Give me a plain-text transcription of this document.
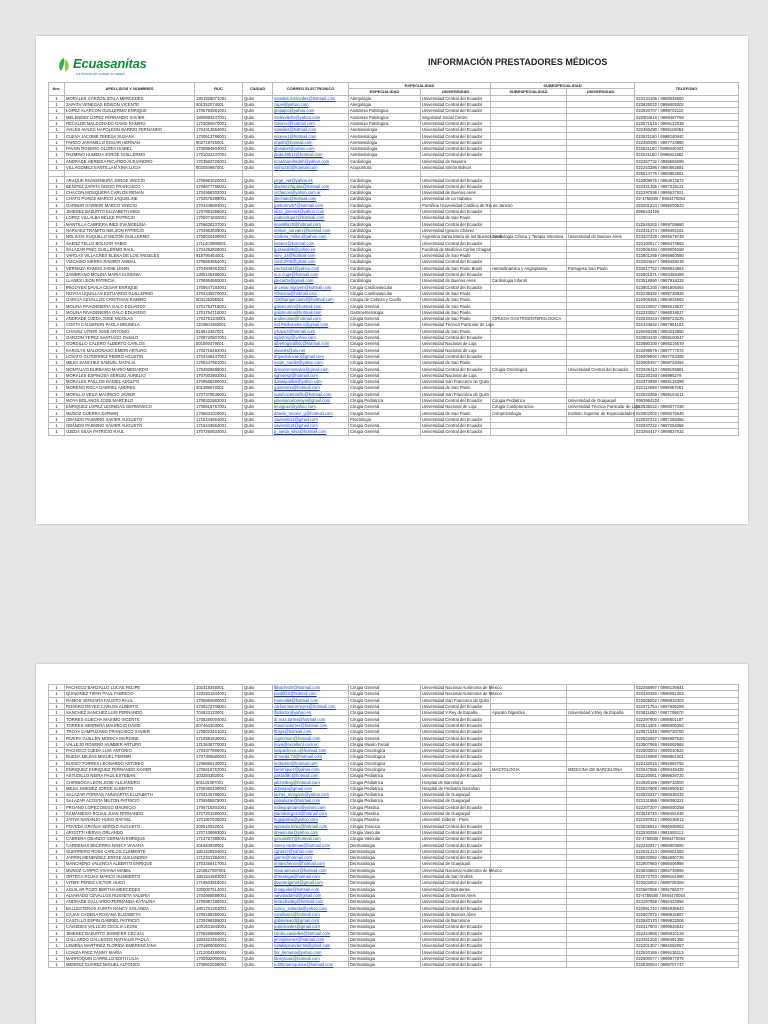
Ecuasanitas
La forma de cuidar tu salud
INFORMACIÓN PRESTADORES MÉDICOS
Nro.	APELLIDOS Y NOMBRES	RUC	CIUDAD	CORREO ELECTRONICO	ESPECIALIDAD		SUBESPECIALIDAD		TELEFONO
					ESPECIALIDAD	UNIVERSIDAD	SUBESPECIALIDAD	UNIVERSIDAD	
1	MORALES GARZON ZOILA MERCEDES	1801528071001	Quito	morales.mercedes@hotmail.com	Alergologia	Universidad Central del Ecuador			022234106 / 0988045560
1	ZAPATA VENEGAS EDISON VICENTE	501352074001	Quito	zapvi@yahoo.com	Alergologia	Universidad Central del Ecuador			023825022 / 0998405302
1	LOPEZ ALARCON GUILLERMO ENRIQUE	1706794581001	Quito	glopalco@yahoo.com	Anatomia Patologica	Universidad Central del Ecuador			022920707 / 0998702110
1	MELENDEZ LOPEZ FERNANDO XAVIER	1800983247001	Quito	melendezlo@yahoo.com	Anatomia Patologica	Seguridad Social Centro			022904619 / 0999497769
1	RECALDE MALDONADO DAVID RAMIRO	1703050670001	Quito	ramirec@hotmail.com	Anatomia Patologica	Universidad Central del Ecuador			022571618 / 0998122039
1	AVILES AVILES NAPOLEON BARRIO FERNANDO	1704313664001	Quito	naaviles@hotmail.com	Anestesiologia	Universidad Central del Ecuador			022460490 / 0996118053
1	CUEVA JACOME TERESA SUSANA	1700513786001	Quito	scueva1@hotmail.com	Anestesiologia	Universidad Central del Ecuador			022521160 / 0998040840
1	PARDO JARAMILLO EDGAR HERNAN	902718725001	Quito	ehp20@hotmail.com	Anestesiologia	Universidad Central del Ecuador			022460490 / 0997734880
1	PAVON ROSERO GLORIA ISABEL	1700854904001	Quito	gloriabel@yahoo.com	Anestesiologia	Universidad Central del Ecuador			022521160 / 0998840403
1	PAZMINO HUMEDA JORGE GUILLERMO	1701032237001	Quito	jhake19512@hotmail.com	Anestesiologia	Universidad Central del Ecuador			022521160 / 0998821882
1	ANDRADE HEREDIA RICARDO ALEJANDRO	1703963726001	Quito	ricardoandradeh@yahoo.com	Cardiologia	Universidad de Navarra			022257732 / 0999568289
1	VILLAGOMEZ SANTILLAN XINA LUCIA	602084987001	Quito	sinhuz20@hotmail.com	Acupuntura	Universidad Simón Bolivar			022243386 / 0980862581
									026514775 / 0980862581
1	ARAQUE RIVADENEIRA JORGE VINICIO	1708981020001	Quito	jorge_var@yahoo.es	Cardiologia	Universidad Central del Ecuador			022908976 / 0984013572
1	BENITEZ ZAPATA DIEGO FRANCISCO	1706677795001	Quito	dbenitezzapata@hotmail.com	Cardiologia	Universidad Central del Ecuador			022431366 / 0997326121
1	CHACON MOSQUERA CARLOS RENAN	1704958302001	Quito	crchacon@yahoo.com.ar	Cardiologia	Universidad de Buenos Aires			022297936 / 0995537921
1	CHATO PONCE MARCO JAQUELINE	1702575398001	Quito	jlmchato@hotmail.com	Cardiologia	Universidad de La Habana			02-4760500 / 0984470054
1	GARBOR GARBOR MARCO VINICIO	1704448893001	Quito	garbormv57@hotmail.com	Cardiologia	Pontificia Universidad Católica de Rio de Janeiro			023201224 / 0999200523
1	JIMENEZ BAZURTO ELIZABETH INES	1707881056001	Quito	eliza_jimenez@yahoo.com	Cardiologia	Universidad Central del Ecuador			0998434166
1	LOPEZ VILLALBA BELKE PATRICIO	1705071932001	Quito	patriciolopez@hotmail.com	Cardiologia	Universidad de Sao Paulo			
1	MANTILLA CABRERA INES EVANGELINA	1706628237001	Quito	imantilla20@hotmail.com	Cardiologia	Universidad Central del Ecuador			022545262 / 0999709680
1	NARVAEZ TRAMITO NELSON PATRICIO	1703962609001	Quito	nelson_narvaez@hotmail.com	Cardiologia	Universidad Ignacio Chávez			022341474 / 0999492181
1	NOLIVOS SUQUILLO MILTON GUILLERMO	1708020499001	Quito	molivos_milton@yahoo.com	Cardiologia	Argentina Santa María de los Buenos Aires	Cardiología Clínica y Terapia Intensiva	Universidad de Buenos Aires	023337428 / 0995579749
1	SAENZ TELLO BOLIVAR FABIO	1711403988001	Quito	bsaenz@hotmail.com	Cardiologia	Universidad Central del Ecuador			023100517 / 0995474663
1	SALAZAR PINO GUILLERMO RAUL	1704492829001	Quito	guisasal96@yahoo.es	Cardiologia	Facultad de Medicina Carlos Chagas			022906494 / 0999005268
1	VARGAS VILLACRES ELENA DE LOS ANGELES	918780464001	Quito	elev_24@hotmail.com	Cardiologia	Universidad de Sao Paulo			023801265 / 0995950080
1	VIZCAINO SIERRA RAMIRO ANIBAL	1706564854001	Quito	raviz1000@gmail.com	Cardiologia	Universidad Central del Ecuador			023204647 / 0999458418
1	VERNAZA RAMOS JAIME LENIN	1704849291001	Quito	jvernaza62@yahoo.com	Cardiologia	Universidad de Sao Paulo Brasil	Hemodinamica y Angioplastia	Portugesa Sao Paulo	022517752 / 0998834864
1	ZAMBRANO MOLINA MARIA EUGENIA	1305106496001	Quito	m.e.euge@hotmail.com	Cardiologia	Universidad Central del Ecuador			022601671 / 0993456456
1	LLANES LEON PATRICIA	1709954660001	Quito	plecar04@gmail.com	Cardiologia	Universidad de Buenos Aires	Cardiologia Infantil		023518990 / 0997916333
1	IRIGOYEN DAVILA CESAR ENRIQUE	1709547183001	Quito	dr.cesar.irigoyen@hotmail.com	Cirugia Cardiovascular	Universidad Central del Ecuador			023801200 / 0991905464
1	NOVOA UQUILLAS ESTUARDO GUILLERMO	1704445870001	Quito	rsfnovoa@hotmail.com	Cirugia Cardiovascular	Universidad de Sao Paulo			022238382 / 0998730929
1	GARCIA CEVALLOS CRISTHIAN RAMIRO	603125295001	Quito	cristhiangarciamd@hotmail.com	Cirugia de Cabeza y Cuello	Universidad de Sao Paulo			022906455 / 0984625663
1	MOLINA RIVADENEIRA GALO EDUARDO	1701754715001	Quito	galomurina@hotmail.com	Cirugia General	Universidad de Sao Paulo			022223057 / 0986019537
1	MOLINA RIVADENEIRA GALO EDUARDO	1701754715001	Quito	galomurina@hotmail.com	Gastroenterologia	Universidad de Sao Paulo			022223057 / 0986019537
1	ANDRADE OJEDA JOSE NICOLAS	1703751100001	Quito	andnicolas@hotmail.com	Cirugia General	Universidad de Sao Paulo	CIRUGIA GASTROENTEROLOGICA		022540423 / 0999723225
1	COSTA CALDERON PAOLA BRUNELA	1103804383001	Quito	md.Paolacosta.x@gmail.com	Cirugia General	Universidad Técnica Particular de Loja			022434842 / 0987961183
1	CHAVEZ VITERI JOSE ANTONIO	918812487001	Quito	jchavez@hotmail.com	Cirugia General	Universidad de Sao Paulo			026056299 / 0993243850
1	GARZON YEPEZ SANTIAGO DANILO	1708720807001	Quito	sgarzony@yahoo.com	Cirugia General	Universidad Central del Ecuador			022904430 / 0998100047
1	GORDILLO CALERO ALBERTO CARLOS	501560479001	Quito	albertogordilloc@hotmail.com	Cirugia General	Universidad Nacional de Loja			023980100 / 0988215679
1	KAROLYS MALDONADO EMERI ARTURO	1702716492001	Quito	ekarolis@uio.net	Cirugia General	Universidad Nacional de Loja			022499579 / 0997777574
1	LOVATO GUTIERREZ PEDRO AGUSTIN	1704438447001	Quito	dripedrolovato@gmail.com	Cirugia General	Universidad Central del Ecuador			026009900 / 0997753385
1	MEJIA SANCHEZ SAMUEL NATALIA	1706447981001	Quito	msan_cardio@yahoo.com	Cirugia General	Universidad de Sao Paulo			022905397 / 0998725494
1	MONTALVO BURBANO MARIO MEDARDO	1704926698001	Quito	drmariomontalvo@gmail.com	Cirugia General	Universidad Central del Ecuador	Cirugia Oncologica	Universidad Central del Ecuador	022826413 / 0999195881
1	MORALES ESPINOSA SERGIO AURELIO	1707002902001	Quito	sgmoesp@hotmail.com	Cirugia General	Universidad Nacional de Loja			022220193 / 098995276
1	MORALES PAILLOS DANIEL ADOLFO	1709560260001	Quito	danielpaillos@yahoo.com	Cirugia General	Universidad San Francisco de Quito			022373980 / 0988126398
1	MORENO ROCA GABRIEL ANDRES	201386676001	Quito	gamoreno@hotmail.com	Cirugia General	Universidad de Sao Paulo			022114999 / 0999857061
1	MORILLO VEGA MAURICIO JAVIER	1707370536001	Quito	mauricioemorillo@hotmail.com	Cirugia General	Universidad San Francisco de Quito			022522059 / 0999154211
1	MOYA BOLANOS JOSE MARCELO	1708322862001	Quito	josemarcelomoya@gmail.com	Cirugia Pediatrica	Universidad Central del Ecuador	Cirugia Pediatrica	Universidad de Guayaquil	0993954224
1	ENRIQUEZ LOPEZ LEONIDAS GERMANICO	1706618757001	Quito	leonguez@yahoo.com	Cirugia General	Universidad Nacional de Loja	Cirugia Cardiotoracica	Universidad Técnica Particular de Loja	022536222 / 0998377196
1	MUNOZ GUERRA DARWIN	1706631026001	Quito	darwin_munoz_g@hotmail.com	Cirugia General	Universidad de Sao Paulo	Coloproctologia	Instituto Superior de Especialidades	022902002 / 0998276048
1	OBANDO PASMINO XAVIER AUGUSTO	1715443664001	Quito	xavierob12@gmail.com	Proctologia	Universidad Central del Ecuador			022937222 / 0987256356
1	OBANDO PASMINO XAVIER AUGUSTO	1715443664001	Quito	xavierob12@gmail.com	Cirugia General	Universidad Central del Ecuador			022937222 / 0987256356
1	OJEDA SILVA PATRICIO RAUL	1707250833001	Quito	p_ojeda_silva@hotmail.com	Cirugia General	Universidad Central del Ecuador			023264417 / 0999837032
1	PACHECO BARZALLO LUCAS FELIPE	102318346001	Quito	lbbache20@hotmail.com	Cirugia General	Universidad Nacional Autónoma de México			022265997 / 0998136641
1	QUINONEZ TIPAN PAUL FABRICIO	1202931944001	Quito	paultif22@hotmail.com	Cirugia General	Universidad Nacional Autónoma de México			022440280 / 0996081353
1	RAMOS VERGARA FAUSTO RAUL	1706850680001	Quito	framos68@hotmail.com	Cirugia General	Universidad San Francisco de Quito			022508202 / 0998818304
1	ROSERO REYES CARLOS ALBERTO	1706274709001	Quito	carlosroserorreyes@hotmail.com	Cirugia General	Universidad Central del Ecuador			022271754 / 0997606299
1	SANCHEZ SANCHEZ LUIS FERNANDO	704523120001	Quito	lfsdoctor@yahoo.es	Cirugia General	Universidad V.Rey de España	Aparato Digestivo	Universidad V.Rey de España	023811650 / 0987708670
1	TORRES GUECHA MAXIMO VICENTE	1708280004001	Quito	dr.max.torres@hotmail.com	Cirugia General	Universidad Central del Ecuador			022297900 / 0998801187
1	TORRES HERRERA MAURICIO DAVID	607464303001	Quito	mauriciotorres@hotmail.com	Cirugia General	Universidad Central del Ecuador			022514301 / 0999305350
1	TROYA CAMPUZANO FRANCISCO XAVIER	1708023401001	Quito	ftroya@hotmail.com	Cirugia General	Universidad Central del Ecuador			023571549 / 0999728700
1	RIVERA GUILLEN MONICA MARGINE	1710591636001	Quito	mgrinmuin@hotmail.com	Cirugia General	Universidad Central del Ecuador			022502697 / 0994887620
1	VALLEJO ROSERO HUMBER ARTURO	1713638770001	Quito	huva@excellent.com.ec	Cirugia Maxilo Facial	Universidad Central del Ecuador			023507966 / 0995092564
1	PACHECO OJEDA LUIS ANTONIO	1703377669001	Quito	luispacheco.o@hotmail.com	Cirugia Oncologica	Universidad Central del Ecuador			022503004 / 0999240522
1	RUEDA MEJIAS MIGUEL FERMIN	1707305680001	Quito	dr.rueda.72@hotmail.com	Cirugia Oncologica	Universidad Central del Ecuador			022416999 / 0999851001
1	BUSSO TORRES LEONARDO ANTONIO	1708665140001	Quito	leobusso@hotmail.com	Cirugia Oncologica	Universidad Central del Ecuador			022432016 / 0992564792
1	ENRIQUEZ ENRIQUEZ FERNANDO XAVIER	1705618757001	Quito	fxenrriquez@yahoo.com	Cirugia Oncologica	Universidad Central del Ecuador	MASTOLOGIA	MEDICINA DE BARCELONA	022547686 / 0999449428
1	ASTUDILLO NEIRA PAUL ESTEBAN	103284352001	Quito	pastudillo@hotmail.com	Cirugia Pediatrica	Universidad Central del Ecuador			022220061 / 0999628720
1	CHIRIBOGA LEON JOSE ALEJANDRO	601115397001	Quito	jalchiribog@hotmail.com	Cirugia Pediatrica	Hospital de Barcelona			022920169 / 0999733500
1	MEJIA JIMENEZ JORGE ALBERTO	1709360109001	Quito	drjmejia@gmail.com	Cirugia Pediatrica	Hospital de Pediatría Garrahan			022547609 / 0984990510
1	SALAZAR PORRAS ANNGARITA ELIZABETH	1704145786001	Quito	lacher_morgann@yahoo.com	Cirugia Pediatrica	Universidad de Guayaquil			022523317 / 0986536433
1	SALAZAR ACOSTA MILTON PATRICIO	1706556875001	Quito	patsalazar@hotmail.com	Cirugia Pediatrica	Universidad de Guayaquil			022231999 / 0998390321
1	PROANO LOPEZ DIEGO MAURICIO	1706715301001	Quito	mdiegoproano@yahoo.com	Cirugia Plastica	Universidad Central del Ecuador			022207207 / 0998000258
1	SAMANIEGO ROJAS JUAN FERNANDO	1707203290001	Quito	jsamaniego14@hotmail.com	Cirugia Plastica	Universidad de Guayaquil			023516740 / 0999491048
1	JATIVA NARANJO HUGO RAFAEL	1701807035001	Quito	hugojativa@yahoo.com	Cirugia Plastica	Université Diderot - Paris			022297912 / 0999236612
1	POVEDA GRANJA SERGIO AUGUSTO	200510022001	Quito	spoveda.torax@hotmail.com	Cirugia Toracica	Universidad Central del Ecuador			023826542 / 0996005063
1	ARGOTTI HERVIA ORLANDO	1707108993001	Quito	drvascular@yahoo.com	Cirugia Vascular	Universidad Central del Ecuador			022530256 / 0981555113
1	CABRERA OBANDO GERMAN ENRIQUE	1714757396001	Quito	gercab007@hotmail.com	Cirugia Vascular	Universidad Central del Ecuador			02-4760500 / 0984470054
1	CARDENAS BECERRA NANCY VIVIANA	201584838001	Quito	nancy.cardenas@hotmail.com	Dermatologia	Universidad Central del Ecuador			022240047 / 0995603680
1	GUERRERO ROSS CARLOS CLEMENTE	1801428204001	Quito	cgross7@yahoo.com	Dermatologia	Universidad Central del Ecuador			022541413 / 0999551582
1	JARRIN MENENDEZ JORGE ALEJANDRO	1712331384001	Quito	jjjarrin@hotmail.com	Dermatologia	Universidad Central del Ecuador			026032082 / 0984990725
1	MANCHENO VALENCIA ALBERTO ENRIQUE	1703256417001	Quito	amanchenov@hotmail.com	Dermatologia	Universidad de Guayaquil			022907950 / 0996006986
1	MUNOZ CARPIO VIVIANA MABEL	1103627087001	Quito	vivianamunoz@hotmail.com	Dermatologia	Universidad Nacional Autónoma de México			024533660 / 0984748655
1	ORTEGA ROJAS MARCO HUMBERTO	1801541893001	Quito	drmortega@hotmail.com	Dermatologia	Universidad de San Andrés			022572793 / 0999161990
1	VITERI PEREZ VICTOR HUGO	1716503918001	Quito	dvveterigenre@gmail.com	Dermatologia	Universidad Central del Ecuador			022502602 / 0999705308
1	AGUILAR POZO BERTHA MERCEDES	1000007514001	Quito	bmaguilar@hotmail.com	Dermatologia	Universidad Complutense			022567896 / 0992786377
1	ALVARADO CEVALLOS RUSSETA VALERIA	1704966589001	Quito	valvaradomd@gmail.com	Dermatologia	Universidad de Buenos Aires			02-4760500 / 0984470054
1	ANDRADE GALLARDO FERNANDA KATALINA	1706987185001	Quito	ferandradeg@hotmail.com	Dermatologia	Universidad Central del Ecuador			022297958 / 0994423066
1	BALLESTEROS ZURITA NANCY SOLANDA	1801701263001	Quito	nancy_solanda@yahoo.com	Dermatologia	Universidad Central del Ecuador			022891740 / 0992936643
1	CAJAS CADENA ROXANA ELIZABETH	1709168350001	Quito	roxellosex@hotmail.com	Dermatologia	Universidad de Buenos Aires			022507972 / 0998816687
1	CASTILLO ESPIN GABRIEL PATRICIO	1709298395001	Quito	gabrieleacd@gmail.com	Dermatologia	Universidad de Barcelona			022920170 / 0999823006
1	CAVIEDES VALLEJO CECILIA LEONI	1001631843001	Quito	patrickantes@gmail.com	Dermatologia	Universidad Central del Ecuador			022317803 / 0999526642
1	JIMENEZ BAZURTO JENNIFER CECILIA	1709268869001	Quito	cecilia.caviedes@hotmail.com	Dermatologia	Universidad Central del Ecuador			022444988 / 0995810128
1	GALLARDO GALLEGOS NATHALIE PAOLA	1803422264001	Quito	jennijimenez@hotmail.com	Dermatologia	Universidad Central del Ecuador			023251200 / 0998491355
1	LEMENA MARTINEZ FLORIDA EMERENCIANA	1701809060001	Quito	nataliapconderms@gmail.com	Dermatologia	Universidad Central del Ecuador			022201307 / 0984252057
1	LOAIZA PAEZ FANNY MARIA	1712004280001	Quito	flor_llemena@yahoo.com	Dermatologia	Universidad Central del Ecuador			022520166 / 0999136113
1	MARROQUIN CARRILLO EDITH LILIA	1700932000001	Quito	fannyloaiz@hotmail.com	Dermatologia	Universidad Central del Ecuador			022900077 / 0999977979
1	MENDEZ SUAREZ MIGUEL ALFONSO	1709502008001	Quito	edithmarroquince@hotmail.com	Dermatologia	Universidad Central del Ecuador			022530054 / 0999707747
